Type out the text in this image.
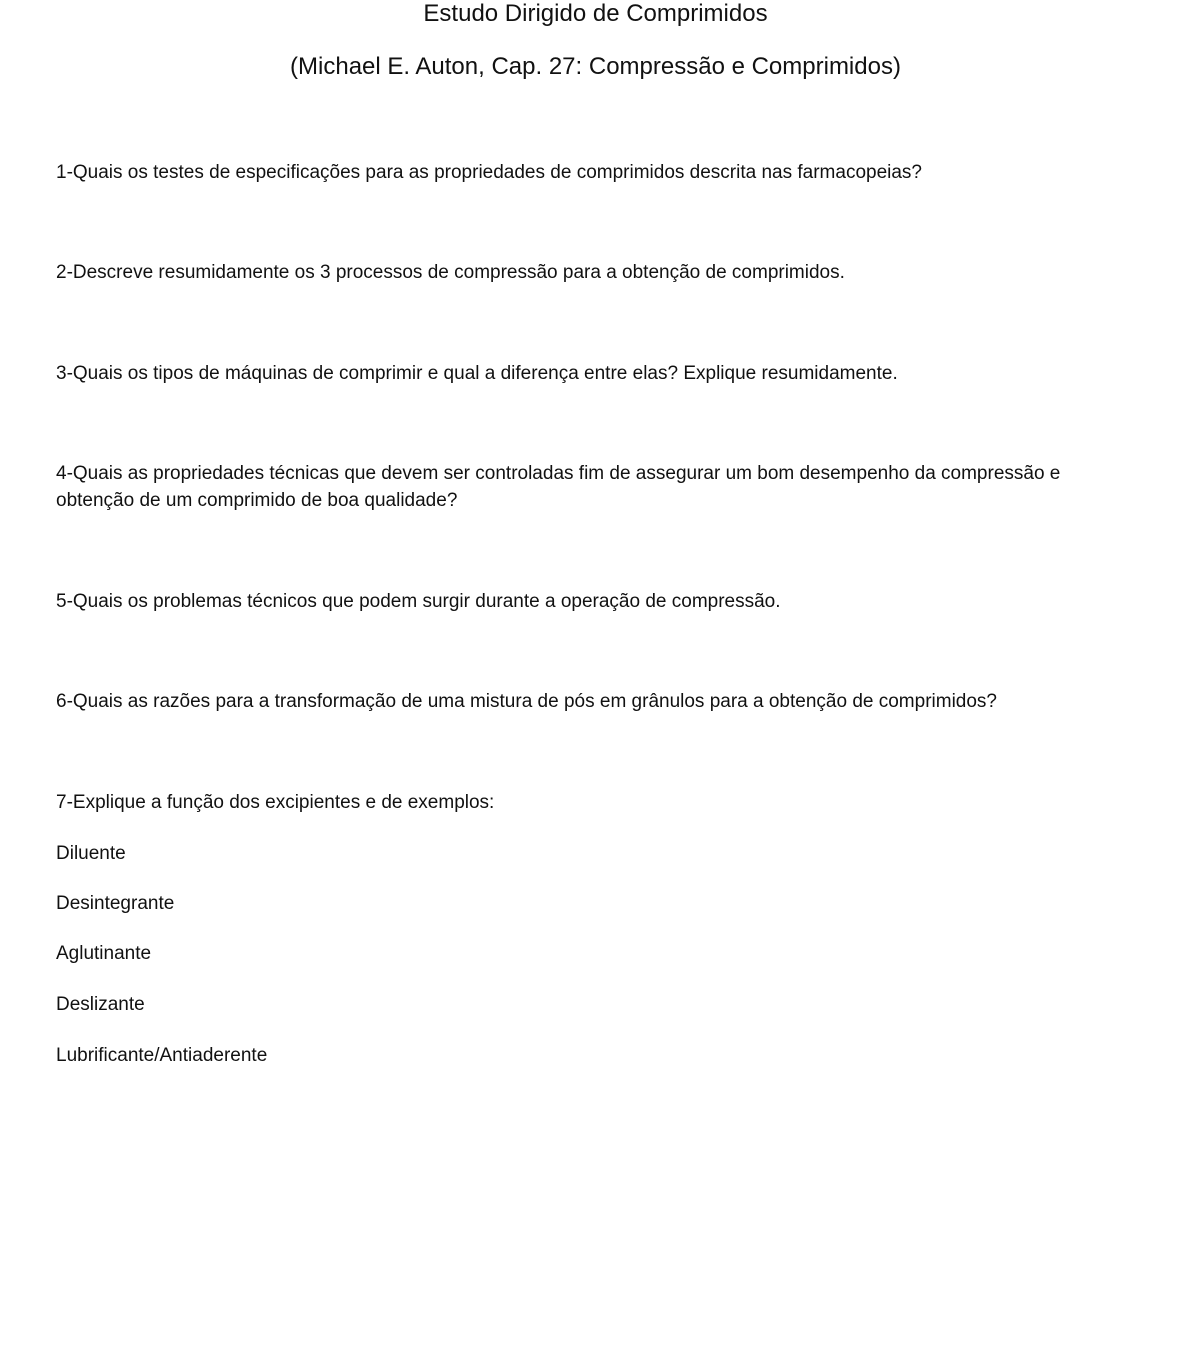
Estudo Dirigido de Comprimidos
(Michael E. Auton, Cap. 27: Compressão e Comprimidos)

1-Quais os testes de especificações para as propriedades de comprimidos descrita nas farmacopeias?

2-Descreve resumidamente os 3 processos de compressão para a obtenção de comprimidos.

3-Quais os tipos de máquinas de comprimir e qual a diferença entre elas? Explique resumidamente.

4-Quais as propriedades técnicas que devem ser controladas fim de assegurar um bom desempenho da compressão e obtenção de um comprimido de boa qualidade?

5-Quais os problemas técnicos que podem surgir durante a operação de compressão.

6-Quais as razões para a transformação de uma mistura de pós em grânulos para a obtenção de comprimidos?

7-Explique a função dos excipientes e de exemplos:

Diluente

Desintegrante

Aglutinante

Deslizante

Lubrificante/Antiaderente
